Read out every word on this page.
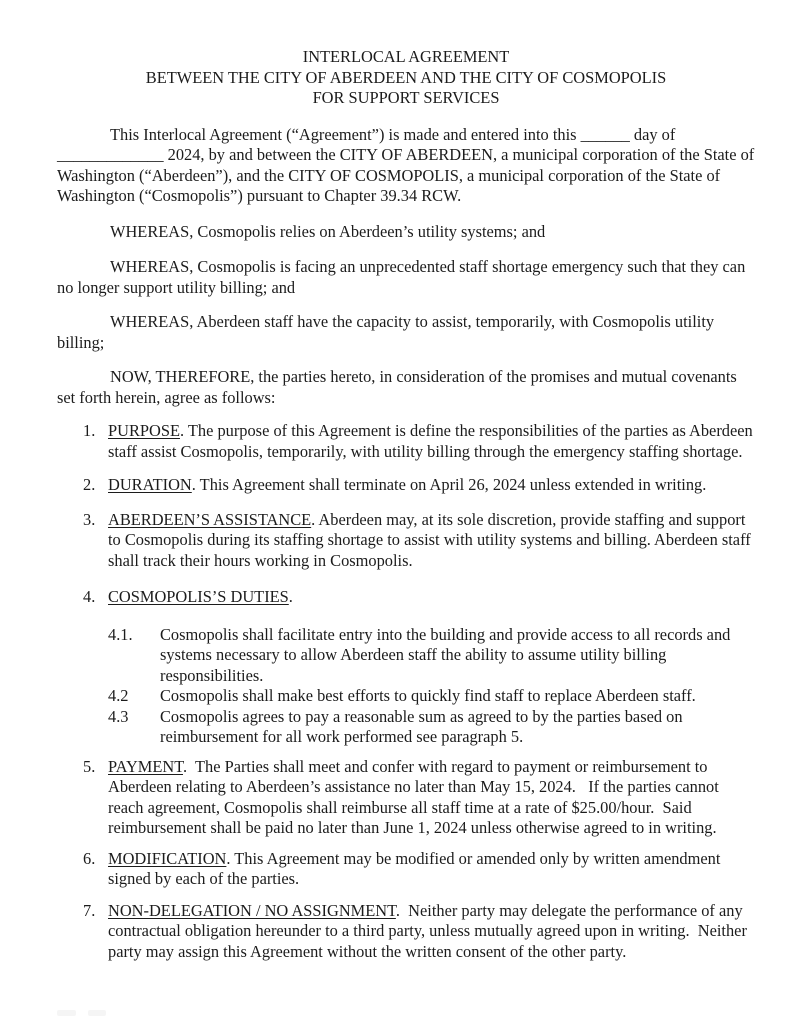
INTERLOCAL AGREEMENT
BETWEEN THE CITY OF ABERDEEN AND THE CITY OF COSMOPOLIS
FOR SUPPORT SERVICES

This Interlocal Agreement (“Agreement”) is made and entered into this ______ day of _____________ 2024, by and between the CITY OF ABERDEEN, a municipal corporation of the State of Washington (“Aberdeen”), and the CITY OF COSMOPOLIS, a municipal corporation of the State of Washington (“Cosmopolis”) pursuant to Chapter 39.34 RCW.

WHEREAS, Cosmopolis relies on Aberdeen’s utility systems; and

WHEREAS, Cosmopolis is facing an unprecedented staff shortage emergency such that they can no longer support utility billing; and

WHEREAS, Aberdeen staff have the capacity to assist, temporarily, with Cosmopolis utility billing;

NOW, THEREFORE, the parties hereto, in consideration of the promises and mutual covenants set forth herein, agree as follows:

1. PURPOSE. The purpose of this Agreement is define the responsibilities of the parties as Aberdeen staff assist Cosmopolis, temporarily, with utility billing through the emergency staffing shortage.
2. DURATION. This Agreement shall terminate on April 26, 2024 unless extended in writing.
3. ABERDEEN’S ASSISTANCE. Aberdeen may, at its sole discretion, provide staffing and support to Cosmopolis during its staffing shortage to assist with utility systems and billing. Aberdeen staff shall track their hours working in Cosmopolis.
4. COSMOPOLIS’S DUTIES.
4.1.	Cosmopolis shall facilitate entry into the building and provide access to all records and systems necessary to allow Aberdeen staff the ability to assume utility billing responsibilities.
4.2	Cosmopolis shall make best efforts to quickly find staff to replace Aberdeen staff.
4.3	Cosmopolis agrees to pay a reasonable sum as agreed to by the parties based on reimbursement for all work performed see paragraph 5.
5. PAYMENT.  The Parties shall meet and confer with regard to payment or reimbursement to Aberdeen relating to Aberdeen’s assistance no later than May 15, 2024.   If the parties cannot reach agreement, Cosmopolis shall reimburse all staff time at a rate of $25.00/hour.  Said reimbursement shall be paid no later than June 1, 2024 unless otherwise agreed to in writing.
6. MODIFICATION. This Agreement may be modified or amended only by written amendment signed by each of the parties.
7. NON-DELEGATION / NO ASSIGNMENT.  Neither party may delegate the performance of any contractual obligation hereunder to a third party, unless mutually agreed upon in writing.  Neither party may assign this Agreement without the written consent of the other party.
